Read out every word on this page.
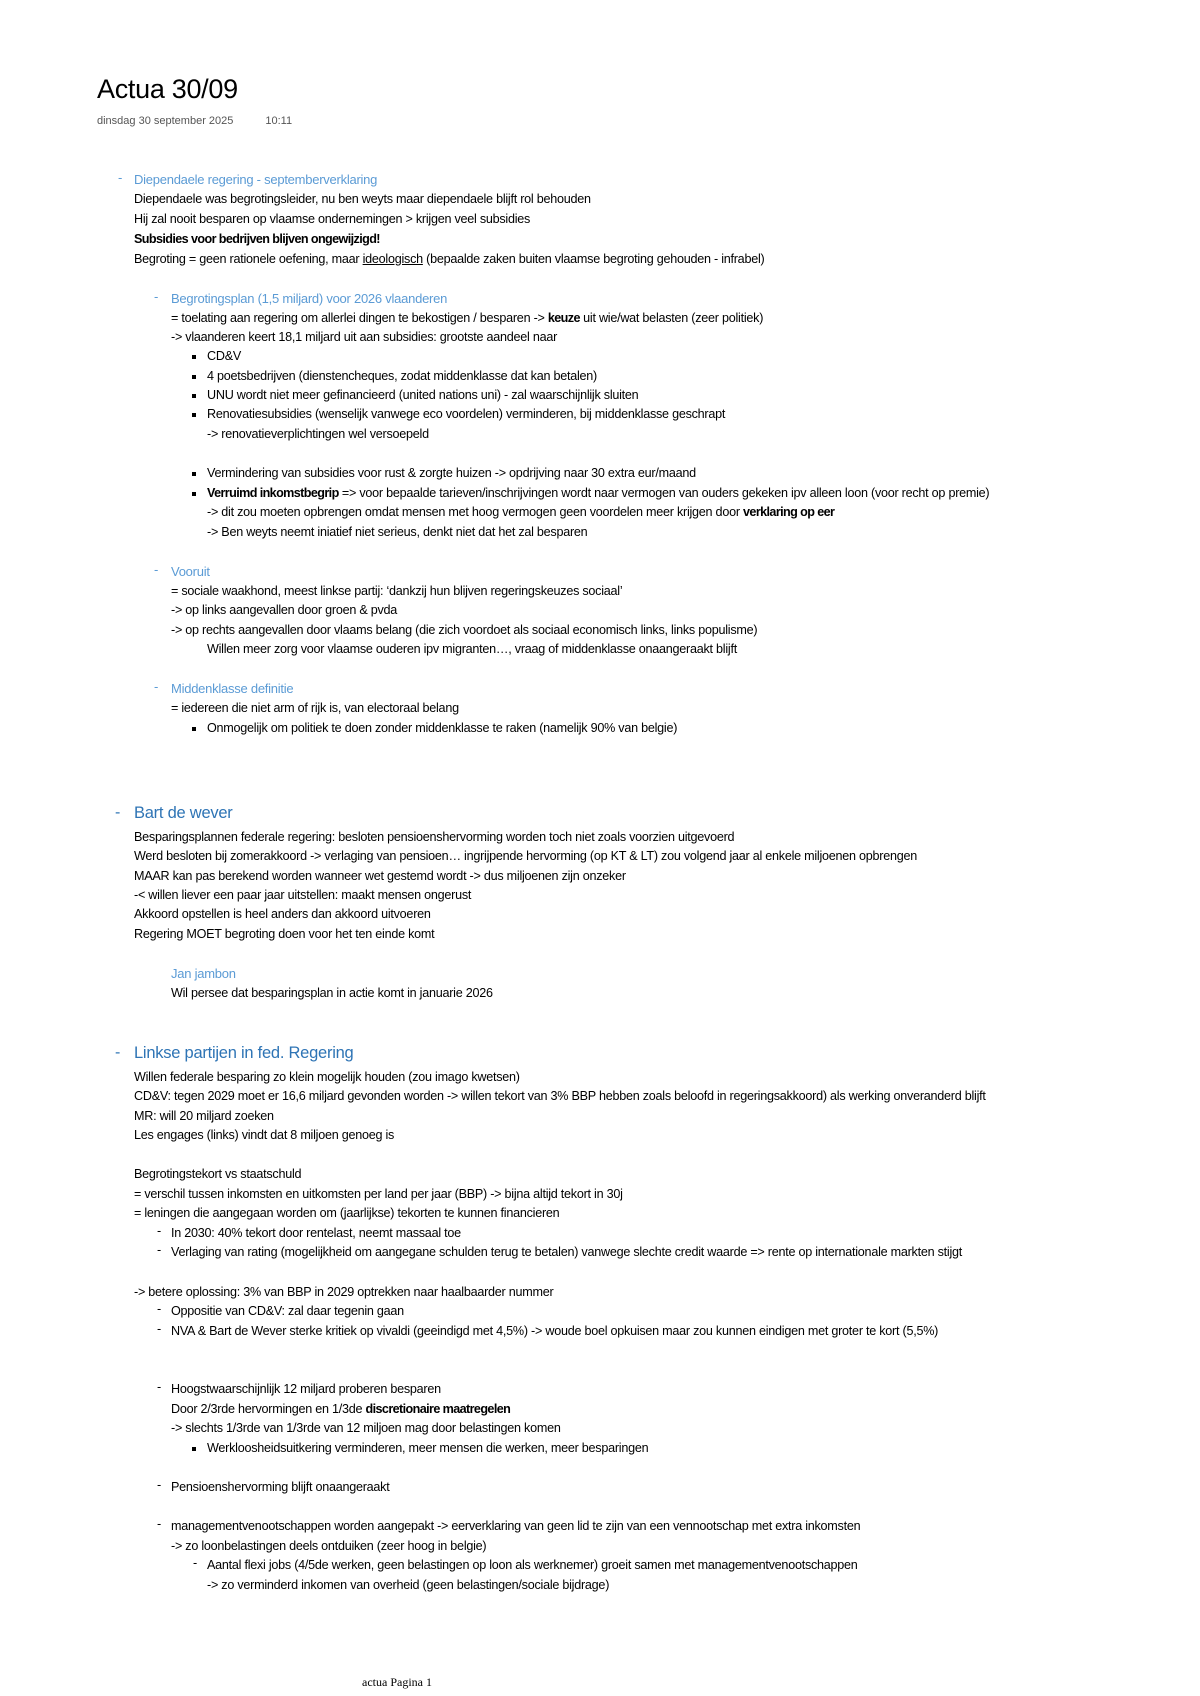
Actua 30/09
dinsdag 30 september 2025	10:11
- Diependaele regering - septemberverklaring
Diependaele was begrotingsleider, nu ben weyts maar diependaele blijft rol behouden
Hij zal nooit besparen op vlaamse ondernemingen > krijgen veel subsidies
Subsidies voor bedrijven blijven ongewijzigd!
Begroting = geen rationele oefening, maar ideologisch (bepaalde zaken buiten vlaamse begroting gehouden - infrabel)
- Begrotingsplan (1,5 miljard) voor 2026 vlaanderen
= toelating aan regering om allerlei dingen te bekostigen / besparen -> keuze uit wie/wat belasten (zeer politiek)
-> vlaanderen keert 18,1 miljard uit aan subsidies: grootste aandeel naar
CD&V
4 poetsbedrijven (dienstencheques, zodat middenklasse dat kan betalen)
UNU wordt niet meer gefinancieerd (united nations uni) - zal waarschijnlijk sluiten
Renovatiesubsidies (wenselijk vanwege eco voordelen) verminderen, bij middenklasse geschrapt
-> renovatieverplichtingen wel versoepeld
Vermindering van subsidies voor rust & zorgte huizen -> opdrijving naar 30 extra eur/maand
Verruimd inkomstbegrip => voor bepaalde tarieven/inschrijvingen wordt naar vermogen van ouders gekeken ipv alleen loon (voor recht op premie)
-> dit zou moeten opbrengen omdat mensen met hoog vermogen geen voordelen meer krijgen door verklaring op eer
-> Ben weyts neemt iniatief niet serieus, denkt niet dat het zal besparen
- Vooruit
= sociale waakhond, meest linkse partij: ‘dankzij hun blijven regeringskeuzes sociaal’
-> op links aangevallen door groen & pvda
-> op rechts aangevallen door vlaams belang (die zich voordoet als sociaal economisch links, links populisme)
Willen meer zorg voor vlaamse ouderen ipv migranten…, vraag of middenklasse onaangeraakt blijft
- Middenklasse definitie
= iedereen die niet arm of rijk is, van electoraal belang
Onmogelijk om politiek te doen zonder middenklasse te raken (namelijk 90% van belgie)
- Bart de wever
Besparingsplannen federale regering: besloten pensioenshervorming worden toch niet zoals voorzien uitgevoerd
Werd besloten bij zomerakkoord -> verlaging van pensioen… ingrijpende hervorming (op KT & LT) zou volgend jaar al enkele miljoenen opbrengen
MAAR kan pas berekend worden wanneer wet gestemd wordt -> dus miljoenen zijn onzeker
-< willen liever een paar jaar uitstellen: maakt mensen ongerust
Akkoord opstellen is heel anders dan akkoord uitvoeren
Regering MOET begroting doen voor het ten einde komt
Jan jambon
Wil persee dat besparingsplan in actie komt in januarie 2026
- Linkse partijen in fed. Regering
Willen federale besparing zo klein mogelijk houden (zou imago kwetsen)
CD&V: tegen 2029 moet er 16,6 miljard gevonden worden -> willen tekort van 3% BBP hebben zoals beloofd in regeringsakkoord) als werking onveranderd blijft
MR: will 20 miljard zoeken
Les engages (links) vindt dat 8 miljoen genoeg is
Begrotingstekort vs staatschuld
= verschil tussen inkomsten en uitkomsten per land per jaar (BBP) -> bijna altijd tekort in 30j
= leningen die aangegaan worden om (jaarlijkse) tekorten te kunnen financieren
- In 2030: 40% tekort door rentelast, neemt massaal toe
- Verlaging van rating (mogelijkheid om aangegane schulden terug te betalen) vanwege slechte credit waarde => rente op internationale markten stijgt
-> betere oplossing: 3% van BBP in 2029 optrekken naar haalbaarder nummer
- Oppositie van CD&V: zal daar tegenin gaan
- NVA & Bart de Wever sterke kritiek op vivaldi (geeindigd met 4,5%) -> woude boel opkuisen maar zou kunnen eindigen met groter te kort (5,5%)
- Hoogstwaarschijnlijk 12 miljard proberen besparen
Door 2/3rde hervormingen en 1/3de discretionaire maatregelen
-> slechts 1/3rde van 1/3rde van 12 miljoen mag door belastingen komen
Werkloosheidsuitkering verminderen, meer mensen die werken, meer besparingen
- Pensioenshervorming blijft onaangeraakt
- managementvenootschappen worden aangepakt -> eerverklaring van geen lid te zijn van een vennootschap met extra inkomsten
-> zo loonbelastingen deels ontduiken (zeer hoog in belgie)
- Aantal flexi jobs (4/5de werken, geen belastingen op loon als werknemer) groeit samen met managementvenootschappen
-> zo verminderd inkomen van overheid (geen belastingen/sociale bijdrage)
actua Pagina 1
